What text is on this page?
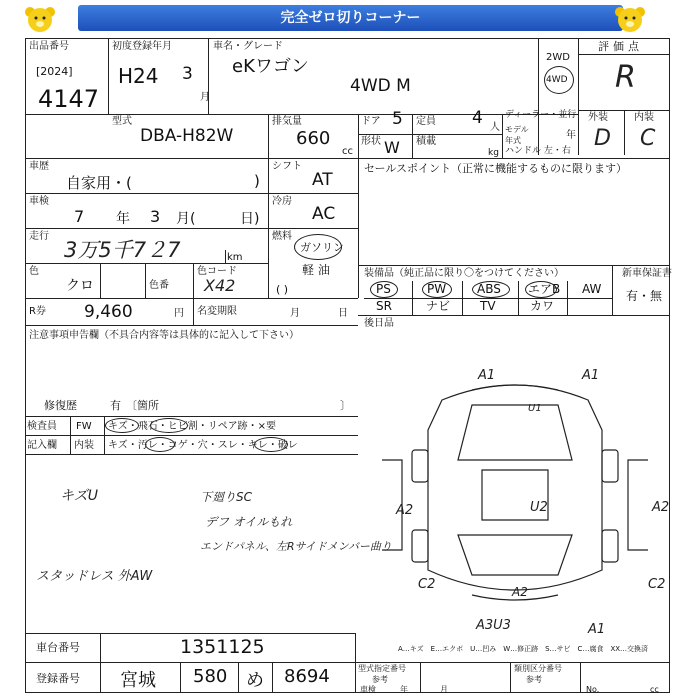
完全ゼロ切りコーナー
出品番号
[2024]
4147
初度登録年月
H24 3
月
車名・グレード
eKワゴン
4WD M
2WD
4WD
評価点
R
外装	内装
D C
型式
DBA-H82W
排気量
660
cc
ドア 5
形状 W
定員 4 人
積載
kg
ディーラー・並行
モデル 年式	年
ハンドル 左・右
車歴
自家用・(	)
シフト
AT
車検
7 年 3 月(	日)
冷房
AC
走行
3万5千7２7	km
燃料
ガソリン
軽 油
( )
色
クロ	色番
色コード
X42
R券 9,460	円 名変期限	月	日
注意事項申告欄（不具合内容等は具体的に記入して下さい）
修復歴	有 〔箇所	〕
検査員
記入欄
FW キズ・飛石・ヒビ割・リペア跡・×要
内装 キズ・汚レ・コゲ・穴・スレ・キレ・破レ
キズU	下廻りSC
デフ オイルもれ
エンドパネル、左Rサイドメンバー曲り
スタッドレス 外AW
セールスポイント（正常に機能するものに限ります）
装備品（純正品に限り〇をつけてください）	新車保証書
有・無
PS	PW	ABS エアB AW
SR	ナビ TV	カワ
後日品
A1	A1
U1
U2
A2	A2
C2	C2
A2
A3U3	A1
A…キズ　E…エクボ　U…凹み　W…修正跡　S…サビ　C…腐食　XX…交換済
車台番号	1351125
登録番号 宮城 580 め 8694	型式指定番号
参考
類別区分番号
参考
車検	年	月	No.	cc
